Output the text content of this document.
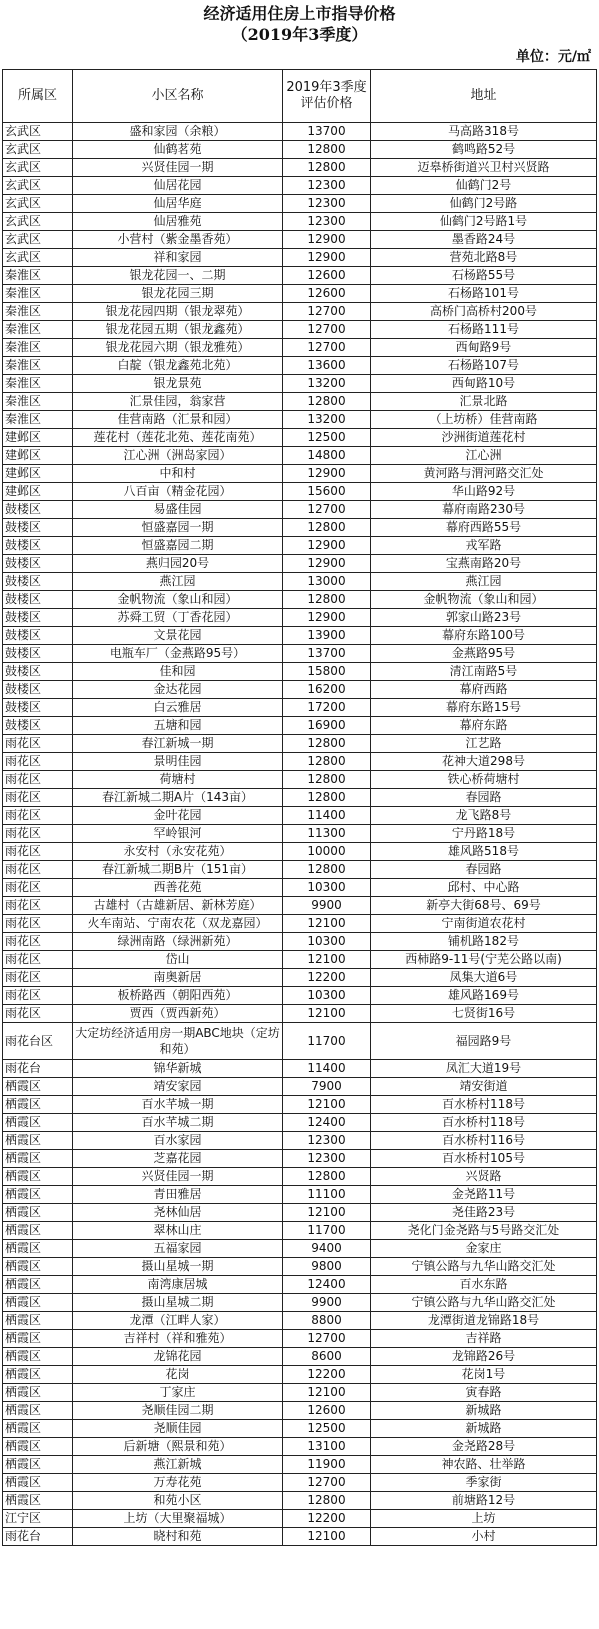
经济适用住房上市指导价格
（2019年3季度）
单位：元/㎡
所属区	小区名称	2019年3季度评估价格	地址
玄武区	盛和家园（余粮）	13700	马高路318号
玄武区	仙鹤茗苑	12800	鹤鸣路52号
玄武区	兴贤佳园一期	12800	迈皋桥街道兴卫村兴贤路
玄武区	仙居花园	12300	仙鹤门2号
玄武区	仙居华庭	12300	仙鹤门2号路
玄武区	仙居雅苑	12300	仙鹤门2号路1号
玄武区	小营村（紫金墨香苑）	12900	墨香路24号
玄武区	祥和家园	12900	营苑北路8号
秦淮区	银龙花园一、二期	12600	石杨路55号
秦淮区	银龙花园三期	12600	石杨路101号
秦淮区	银龙花园四期（银龙翠苑）	12700	高桥门高桥村200号
秦淮区	银龙花园五期（银龙鑫苑）	12700	石杨路111号
秦淮区	银龙花园六期（银龙雅苑）	12700	西甸路9号
秦淮区	白靛（银龙鑫苑北苑）	13600	石杨路107号
秦淮区	银龙景苑	13200	西甸路10号
秦淮区	汇景佳园，翁家营	12800	汇景北路
秦淮区	佳营南路（汇景和园）	13200	（上坊桥）佳营南路
建邺区	莲花村（莲花北苑、莲花南苑）	12500	沙洲街道莲花村
建邺区	江心洲（洲岛家园）	14800	江心洲
建邺区	中和村	12900	黄河路与渭河路交汇处
建邺区	八百亩（精金花园）	15600	华山路92号
鼓楼区	易盛佳园	12700	幕府南路230号
鼓楼区	恒盛嘉园一期	12800	幕府西路55号
鼓楼区	恒盛嘉园二期	12900	戎军路
鼓楼区	燕归园20号	12900	宝燕南路20号
鼓楼区	燕江园	13000	燕江园
鼓楼区	金帆物流（象山和园）	12800	金帆物流（象山和园）
鼓楼区	苏舜工贸（丁香花园）	12900	郭家山路23号
鼓楼区	文景花园	13900	幕府东路100号
鼓楼区	电瓶车厂（金燕路95号）	13700	金燕路95号
鼓楼区	佳和园	15800	清江南路5号
鼓楼区	金达花园	16200	幕府西路
鼓楼区	白云雅居	17200	幕府东路15号
鼓楼区	五塘和园	16900	幕府东路
雨花区	春江新城一期	12800	江艺路
雨花区	景明佳园	12800	花神大道298号
雨花区	荷塘村	12800	铁心桥荷塘村
雨花区	春江新城二期A片（143亩）	12800	春园路
雨花区	金叶花园	11400	龙飞路8号
雨花区	罕岭银河	11300	宁丹路18号
雨花区	永安村（永安花苑）	10000	雄风路518号
雨花区	春江新城二期B片（151亩）	12800	春园路
雨花区	西善花苑	10300	邱村、中心路
雨花区	古雄村（古雄新居、新林芳庭）	9900	新亭大街68号、69号
雨花区	火车南站、宁南农花（双龙嘉园）	12100	宁南街道农花村
雨花区	绿洲南路（绿洲新苑）	10300	铺机路182号
雨花区	岱山	12100	西柿路9-11号(宁芜公路以南)
雨花区	南奥新居	12200	凤集大道6号
雨花区	板桥路西（朝阳西苑）	10300	雄风路169号
雨花区	贾西（贾西新苑）	12100	七贤街16号
雨花台区	大定坊经济适用房一期ABC地块（定坊和苑）	11700	福园路9号
雨花台	锦华新城	11400	凤汇大道19号
栖霞区	靖安家园	7900	靖安街道
栖霞区	百水芊城一期	12100	百水桥村118号
栖霞区	百水芊城二期	12400	百水桥村118号
栖霞区	百水家园	12300	百水桥村116号
栖霞区	芝嘉花园	12300	百水桥村105号
栖霞区	兴贤佳园一期	12800	兴贤路
栖霞区	青田雅居	11100	金尧路11号
栖霞区	尧林仙居	12100	尧佳路23号
栖霞区	翠林山庄	11700	尧化门金尧路与5号路交汇处
栖霞区	五福家园	9400	金家庄
栖霞区	摄山星城一期	9800	宁镇公路与九华山路交汇处
栖霞区	南湾康居城	12400	百水东路
栖霞区	摄山星城二期	9900	宁镇公路与九华山路交汇处
栖霞区	龙潭（江畔人家）	8800	龙潭街道龙锦路18号
栖霞区	吉祥村（祥和雅苑）	12700	吉祥路
栖霞区	龙锦花园	8600	龙锦路26号
栖霞区	花岗	12200	花岗1号
栖霞区	丁家庄	12100	寅春路
栖霞区	尧顺佳园二期	12600	新城路
栖霞区	尧顺佳园	12500	新城路
栖霞区	后新塘（熙景和苑）	13100	金尧路28号
栖霞区	燕江新城	11900	神农路、壮举路
栖霞区	万寿花苑	12700	季家街
栖霞区	和苑小区	12800	前塘路12号
江宁区	上坊（大里聚福城）	12200	上坊
雨花台	晓村和苑	12100	小村
